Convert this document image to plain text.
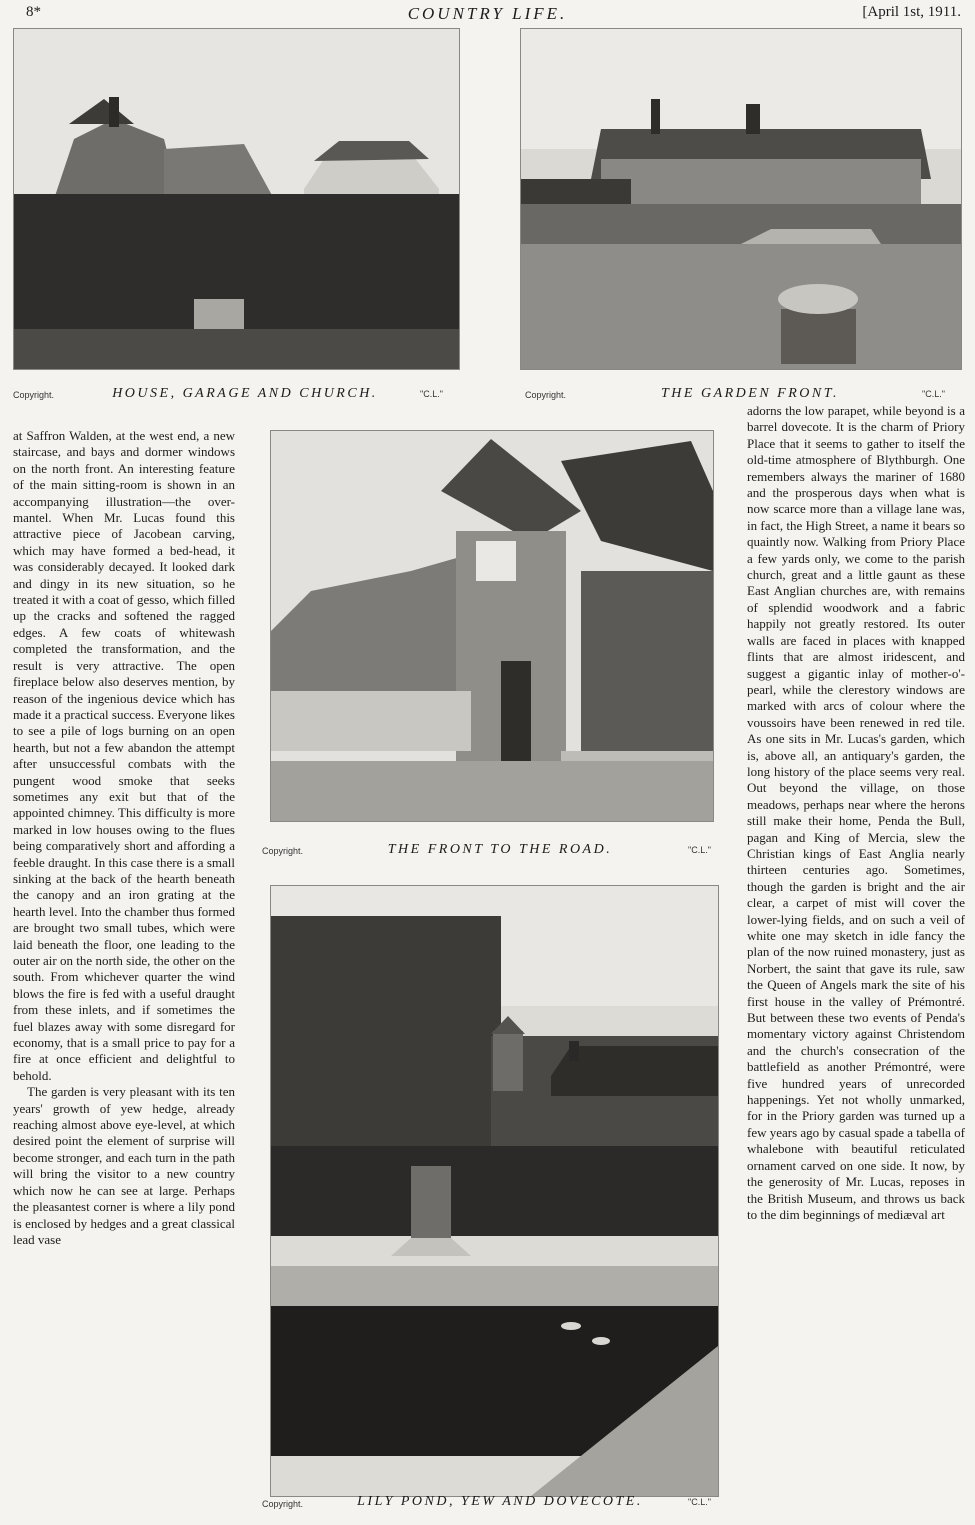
8*	COUNTRY LIFE.	[April 1st, 1911.
Copyright.	HOUSE, GARAGE AND CHURCH.	"C.L."	Copyright.	THE GARDEN FRONT.	"C.L."
Copyright.	THE FRONT TO THE ROAD.	"C.L."
Copyright.	LILY POND, YEW AND DOVECOTE.	"C.L."

at Saffron Walden, at the west end, a new staircase, and bays and dormer windows on the north front. An interesting feature of the main sitting-room is shown in an accompanying illustration—the over-mantel. When Mr. Lucas found this attractive piece of Jacobean carving, which may have formed a bed-head, it was considerably decayed. It looked dark and dingy in its new situation, so he treated it with a coat of gesso, which filled up the cracks and softened the ragged edges. A few coats of whitewash completed the transformation, and the result is very attractive. The open fireplace below also deserves mention, by reason of the ingenious device which has made it a practical success. Everyone likes to see a pile of logs burning on an open hearth, but not a few abandon the attempt after unsuccessful combats with the pungent wood smoke that seeks sometimes any exit but that of the appointed chimney. This difficulty is more marked in low houses owing to the flues being comparatively short and affording a feeble draught. In this case there is a small sinking at the back of the hearth beneath the canopy and an iron grating at the hearth level. Into the chamber thus formed are brought two small tubes, which were laid beneath the floor, one leading to the outer air on the north side, the other on the south. From whichever quarter the wind blows the fire is fed with a useful draught from these inlets, and if sometimes the fuel blazes away with some disregard for economy, that is a small price to pay for a fire at once efficient and delightful to behold.

The garden is very pleasant with its ten years' growth of yew hedge, already reaching almost above eye-level, at which desired point the element of surprise will become stronger, and each turn in the path will bring the visitor to a new country which now he can see at large. Perhaps the pleasantest corner is where a lily pond is enclosed by hedges and a great classical lead vase

adorns the low parapet, while beyond is a barrel dovecote. It is the charm of Priory Place that it seems to gather to itself the old-time atmosphere of Blythburgh. One remembers always the mariner of 1680 and the prosperous days when what is now scarce more than a village lane was, in fact, the High Street, a name it bears so quaintly now. Walking from Priory Place a few yards only, we come to the parish church, great and a little gaunt as these East Anglian churches are, with remains of splendid woodwork and a fabric happily not greatly restored. Its outer walls are faced in places with knapped flints that are almost iridescent, and suggest a gigantic inlay of mother-o'-pearl, while the clerestory windows are marked with arcs of colour where the voussoirs have been renewed in red tile. As one sits in Mr. Lucas's garden, which is, above all, an antiquary's garden, the long history of the place seems very real. Out beyond the village, on those meadows, perhaps near where the herons still make their home, Penda the Bull, pagan and King of Mercia, slew the Christian kings of East Anglia nearly thirteen centuries ago. Sometimes, though the garden is bright and the air clear, a carpet of mist will cover the lower-lying fields, and on such a veil of white one may sketch in idle fancy the plan of the now ruined monastery, just as Norbert, the saint that gave its rule, saw the Queen of Angels mark the site of his first house in the valley of Prémontré. But between these two events of Penda's momentary victory against Christendom and the church's consecration of the battlefield as another Prémontré, were five hundred years of unrecorded happenings. Yet not wholly unmarked, for in the Priory garden was turned up a few years ago by casual spade a tabella of whalebone with beautiful reticulated ornament carved on one side. It now, by the generosity of Mr. Lucas, reposes in the British Museum, and throws us back to the dim beginnings of mediæval art
